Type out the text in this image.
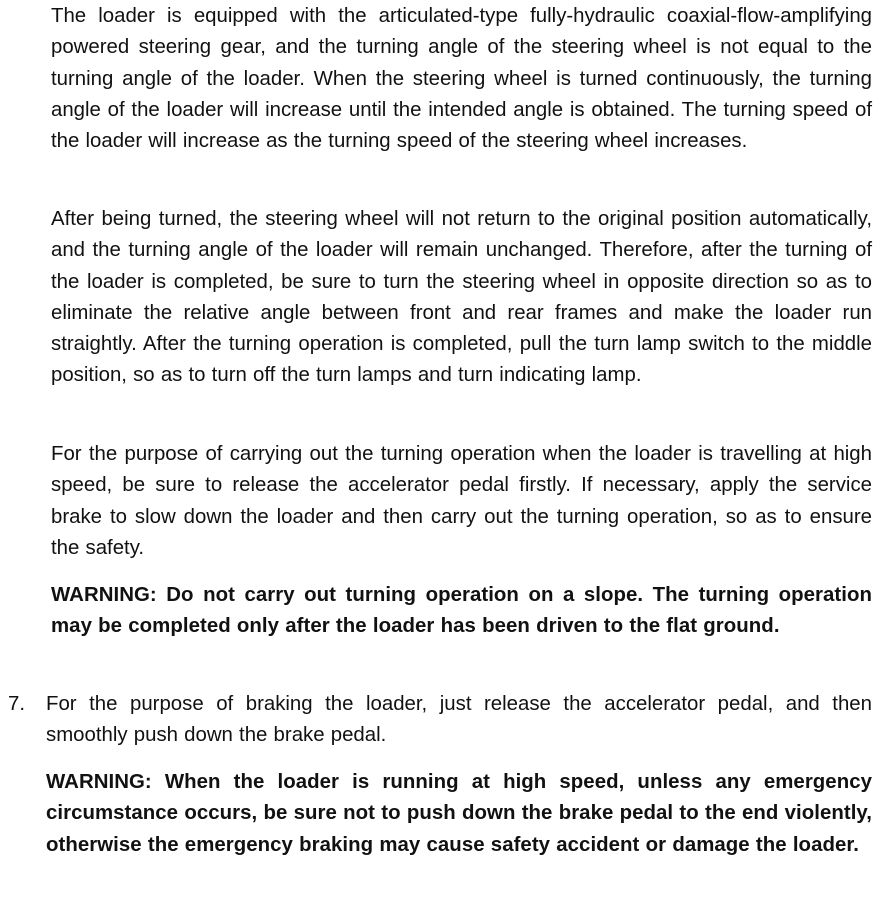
The loader is equipped with the articulated-type fully-hydraulic coaxial-flow-amplifying powered steering gear, and the turning angle of the steering wheel is not equal to the turning angle of the loader. When the steering wheel is turned continuously, the turning angle of the loader will increase until the intended angle is obtained. The turning speed of the loader will increase as the turning speed of the steering wheel increases.

After being turned, the steering wheel will not return to the original position automatically, and the turning angle of the loader will remain unchanged. Therefore, after the turning of the loader is completed, be sure to turn the steering wheel in opposite direction so as to eliminate the relative angle between front and rear frames and make the loader run straightly. After the turning operation is completed, pull the turn lamp switch to the middle position, so as to turn off the turn lamps and turn indicating lamp.

For the purpose of carrying out the turning operation when the loader is travelling at high speed, be sure to release the accelerator pedal firstly. If necessary, apply the service brake to slow down the loader and then carry out the turning operation, so as to ensure the safety.

WARNING: Do not carry out turning operation on a slope. The turning operation may be completed only after the loader has been driven to the flat ground.

7. For the purpose of braking the loader, just release the accelerator pedal, and then smoothly push down the brake pedal.

WARNING: When the loader is running at high speed, unless any emergency circumstance occurs, be sure not to push down the brake pedal to the end violently, otherwise the emergency braking may cause safety accident or damage the loader.
